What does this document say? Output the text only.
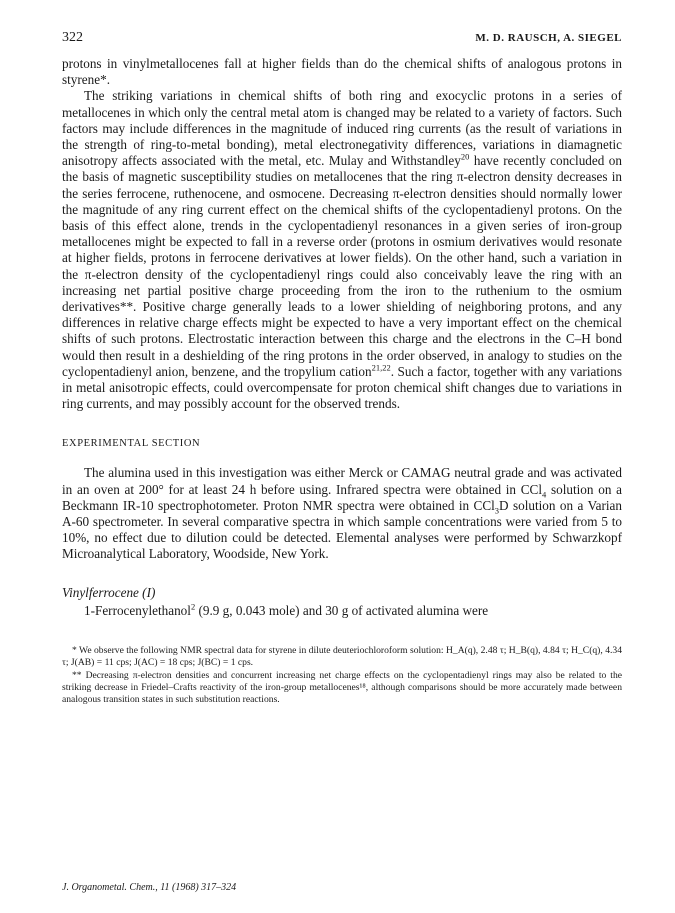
322	M. D. RAUSCH, A. SIEGEL

protons in vinylmetallocenes fall at higher fields than do the chemical shifts of analogous protons in styrene*.

The striking variations in chemical shifts of both ring and exocyclic protons in a series of metallocenes in which only the central metal atom is changed may be related to a variety of factors. Such factors may include differences in the magnitude of induced ring currents (as the result of variations in the strength of ring-to-metal bonding), metal electronegativity differences, variations in diamagnetic anisotropy affects associated with the metal, etc. Mulay and Withstandley$^{20}$ have recently concluded on the basis of magnetic susceptibility studies on metallocenes that the ring π-electron density decreases in the series ferrocene, ruthenocene, and osmocene. Decreasing π-electron densities should normally lower the magnitude of any ring current effect on the chemical shifts of the cyclopentadienyl protons. On the basis of this effect alone, trends in the cyclopentadienyl resonances in a given series of iron-group metallocenes might be expected to fall in a reverse order (protons in osmium derivatives would resonate at higher fields, protons in ferrocene derivatives at lower fields). On the other hand, such a variation in the π-electron density of the cyclopentadienyl rings could also conceivably leave the ring with an increasing net partial positive charge proceeding from the iron to the ruthenium to the osmium derivatives**. Positive charge generally leads to a lower shielding of neighboring protons, and any differences in relative charge effects might be expected to have a very important effect on the chemical shifts of such protons. Electrostatic interaction between this charge and the electrons in the C–H bond would then result in a deshielding of the ring protons in the order observed, in analogy to studies on the cyclopentadienyl anion, benzene, and the tropylium cation$^{21,22}$. Such a factor, together with any variations in metal anisotropic effects, could overcompensate for proton chemical shift changes due to variations in ring currents, and may possibly account for the observed trends.

EXPERIMENTAL SECTION

The alumina used in this investigation was either Merck or CAMAG neutral grade and was activated in an oven at 200° for at least 24 h before using. Infrared spectra were obtained in CCl$_4$ solution on a Beckmann IR-10 spectrophotometer. Proton NMR spectra were obtained in CCl$_3$D solution on a Varian A-60 spectrometer. In several comparative spectra in which sample concentrations were varied from 5 to 10%, no effect due to dilution could be detected. Elemental analyses were performed by Schwarzkopf Microanalytical Laboratory, Woodside, New York.

Vinylferrocene (I)

1-Ferrocenylethanol$^2$ (9.9 g, 0.043 mole) and 30 g of activated alumina were

* We observe the following NMR spectral data for styrene in dilute deuteriochloroform solution: H_A(q), 2.48 τ; H_B(q), 4.84 τ; H_C(q), 4.34 τ; J(AB) = 11 cps; J(AC) = 18 cps; J(BC) = 1 cps.

** Decreasing π-electron densities and concurrent increasing net charge effects on the cyclopentadienyl rings may also be related to the striking decrease in Friedel–Crafts reactivity of the iron-group metallocenes¹⁸, although comparisons should be more accurately made between analogous transition states in such substitution reactions.

J. Organometal. Chem., 11 (1968) 317–324
